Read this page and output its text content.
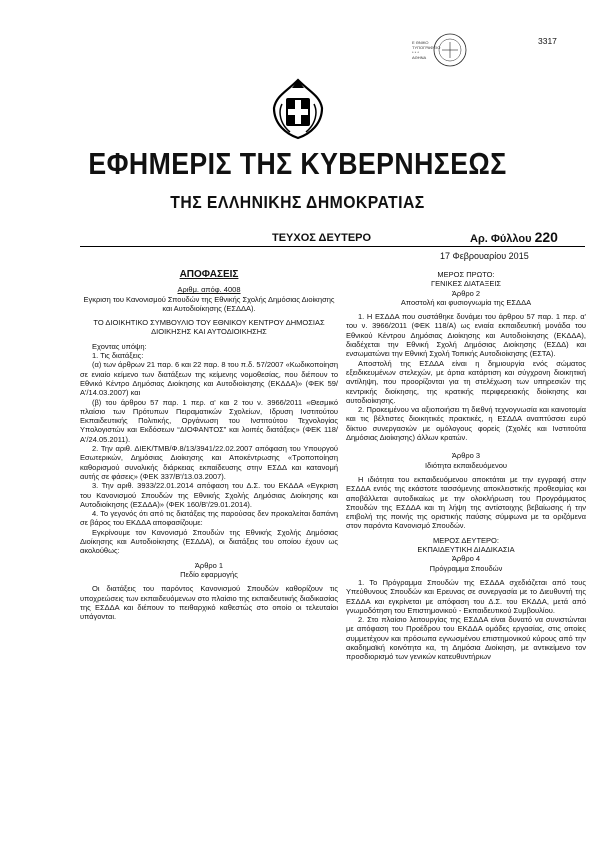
Ε ΘΝΙΚΟ
ΤΥΠΟΓΡΑΦΕΙΟ
* * *
ΑΘΗΝΑ

3317
ΕΦΗΜΕΡΙΣ ΤΗΣ ΚΥΒΕΡΝΗΣΕΩΣ
ΤΗΣ ΕΛΛΗΝΙΚΗΣ ΔΗΜΟΚΡΑΤΙΑΣ
ΤΕΥΧΟΣ ΔΕΥΤΕΡΟ	Αρ. Φύλλου 220
17 Φεβρουαρίου 2015
ΑΠΟΦΑΣΕΙΣ

Αριθμ. απόφ. 4008

Εγκριση του Κανονισμού Σπουδών της Εθνικής Σχολής Δημόσιας Διοίκησης και Αυτοδιοίκησης (ΕΣΔΔΑ).

ΤΟ ΔΙΟΙΚΗΤΙΚΟ ΣΥΜΒΟΥΛΙΟ ΤΟΥ ΕΘΝΙΚΟΥ ΚΕΝΤΡΟΥ ΔΗΜΟΣΙΑΣ ΔΙΟΙΚΗΣΗΣ ΚΑΙ ΑΥΤΟΔΙΟΙΚΗΣΗΣ

Εχοντας υπόψη:

1. Τις διατάξεις:

(α) των άρθρων 21 παρ. 6 και 22 παρ. 8 του π.δ. 57/2007 «Κωδικοποίηση σε ενιαίο κείμενο των διατάξεων της κείμενης νομοθεσίας, που διέπουν το Εθνικό Κέντρο Δημόσιας Διοίκησης και Αυτοδιοίκησης (ΕΚΔΔΑ)» (ΦΕΚ 59/Α'/14.03.2007) και

(β) του άρθρου 57 παρ. 1 περ. α' και 2 του ν. 3966/2011 «Θεσμικό πλαίσιο των Πρότυπων Πειραματικών Σχολείων, Ιδρυση Ινστιτούτου Εκπαιδευτικής Πολιτικής, Οργάνωση του Ινστιτούτου Τεχνολογίας Υπολογιστών και Εκδόσεων “ΔΙΟΦΑΝΤΟΣ” και λοιπές διατάξεις» (ΦΕΚ 118/Α'/24.05.2011).

2. Την αριθ. ΔΙΕΚ/ΤΜΒ/Φ.8/13/3941/22.02.2007 απόφαση του Υπουργού Εσωτερικών, Δημόσιας Διοίκησης και Αποκέντρωσης «Τροποποίηση καθορισμού συνολικής διάρκειας εκπαίδευσης στην ΕΣΔΔ και κατανομή αυτής σε φάσεις» (ΦΕΚ 337/Β'/13.03.2007).

3. Την αριθ. 3933/22.01.2014 απόφαση του Δ.Σ. του ΕΚΔΔΑ «Εγκριση του Κανονισμού Σπουδών της Εθνικής Σχολής Δημόσιας Διοίκησης και Αυτοδιοίκησης (ΕΣΔΔΑ)» (ΦΕΚ 160/Β'/29.01.2014).

4. Το γεγονός ότι από τις διατάξεις της παρούσας δεν προκαλείται δαπάνη σε βάρος του ΕΚΔΔΑ αποφασίζουμε:

Εγκρίνουμε τον Κανονισμό Σπουδών της Εθνικής Σχολής Δημόσιας Διοίκησης και Αυτοδιοίκησης (ΕΣΔΔΑ), οι διατάξεις του οποίου έχουν ως ακολούθως:

Άρθρο 1

Πεδίο εφαρμογής

Οι διατάξεις του παρόντος Κανονισμού Σπουδών καθορίζουν τις υποχρεώσεις των εκπαιδευόμενων στο πλαίσιο της εκπαιδευτικής διαδικασίας της ΕΣΔΔΑ και διέπουν το πειθαρχικό καθεστώς στο οποίο οι τελευταίοι υπάγονται.

ΜΕΡΟΣ ΠΡΩΤΟ:

ΓΕΝΙΚΕΣ ΔΙΑΤΑΞΕΙΣ

Άρθρο 2

Αποστολή και φυσιογνωμία της ΕΣΔΔΑ

1. Η ΕΣΔΔΑ που συστάθηκε δυνάμει του άρθρου 57 παρ. 1 περ. α' του ν. 3966/2011 (ΦΕΚ 118/Α) ως ενιαία εκπαιδευτική μονάδα του Εθνικού Κέντρου Δημόσιας Διοίκησης και Αυτοδιοίκησης (ΕΚΔΔΑ), διαδέχεται την Εθνική Σχολή Δημόσιας Διοίκησης (ΕΣΔΔ) και ενσωματώνει την Εθνική Σχολή Τοπικής Αυτοδιοίκησης (ΕΣΤΑ).

Αποστολή της ΕΣΔΔΑ είναι η δημιουργία ενός σώματος εξειδικευμένων στελεχών, με άρτια κατάρτιση και σύγχρονη διοικητική αντίληψη, που προορίζονται για τη στελέχωση των υπηρεσιών της κεντρικής διοίκησης, της κρατικής περιφερειακής διοίκησης και αυτοδιοίκησης.

2. Προκειμένου να αξιοποιήσει τη διεθνή τεχνογνωσία και καινοτομία και τις βέλτιστες διοικητικές πρακτικές, η ΕΣΔΔΑ αναπτύσσει ευρύ δίκτυο συνεργασιών με ομόλογους φορείς (Σχολές και Ινστιτούτα Δημόσιας Διοίκησης) άλλων κρατών.

Άρθρο 3

Ιδιότητα εκπαιδευόμενου

Η ιδιότητα του εκπαιδευόμενου αποκτάται με την εγγραφή στην ΕΣΔΔΑ εντός της εκάστοτε τασσόμενης αποκλειστικής προθεσμίας και αποβάλλεται αυτοδικαίως με την ολοκλήρωση του Προγράμματος Σπουδών της ΕΣΔΔΑ και τη λήψη της αντίστοιχης βεβαίωσης ή την επιβολή της ποινής της οριστικής παύσης σύμφωνα με τα οριζόμενα στον παρόντα Κανονισμό Σπουδών.

ΜΕΡΟΣ ΔΕΥΤΕΡΟ:

ΕΚΠΑΙΔΕΥΤΙΚΗ ΔΙΑΔΙΚΑΣΙΑ

Άρθρο 4

Πρόγραμμα Σπουδών

1. Το Πρόγραμμα Σπουδών της ΕΣΔΔΑ σχεδιάζεται από τους Υπεύθυνους Σπουδών και Ερευνας σε συνεργασία με το Διευθυντή της ΕΣΔΔΑ και εγκρίνεται με απόφαση του Δ.Σ. του ΕΚΔΔΑ, μετά από γνωμοδότηση του Επιστημονικού - Εκπαιδευτικού Συμβουλίου.

2. Στο πλαίσιο λειτουργίας της ΕΣΔΔΑ είναι δυνατό να συνιστώνται με απόφαση του Προέδρου του ΕΚΔΔΑ ομάδες εργασίας, στις οποίες συμμετέχουν και πρόσωπα εγνωσμένου επιστημονικού κύρους από την ακαδημαϊκή κοινότητα κα, τη Δημόσια Διοίκηση, με αντικείμενο τον προσδιορισμό των γενικών κατευθυντήριων
